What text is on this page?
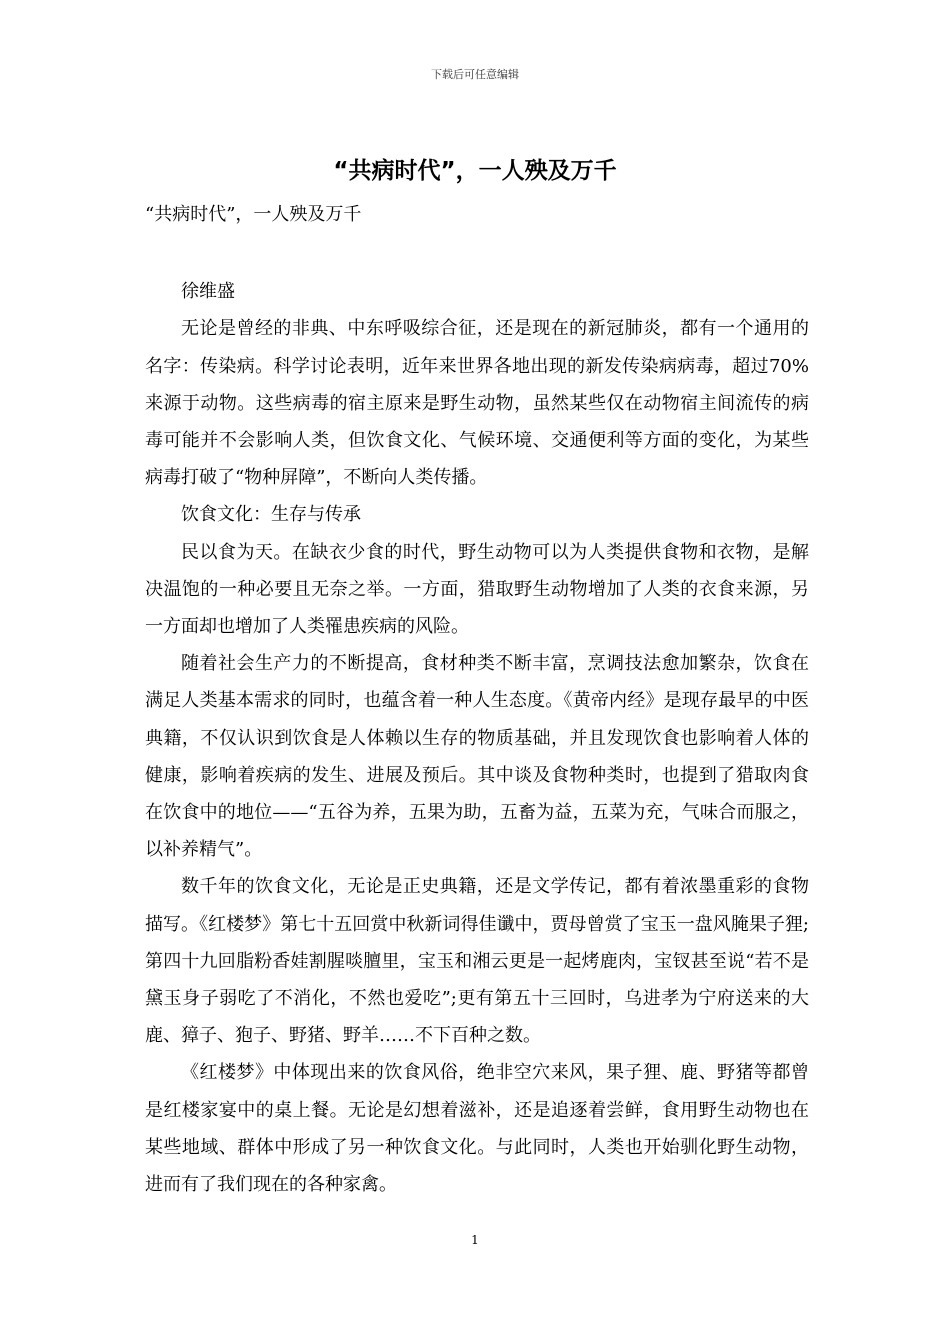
下载后可任意编辑
“共病时代”，一人殃及万千

“共病时代”，一人殃及万千

徐维盛

无论是曾经的非典、中东呼吸综合征，还是现在的新冠肺炎，都有一个通用的名字：传染病。科学讨论表明，近年来世界各地出现的新发传染病病毒，超过70%来源于动物。这些病毒的宿主原来是野生动物，虽然某些仅在动物宿主间流传的病毒可能并不会影响人类，但饮食文化、气候环境、交通便利等方面的变化，为某些病毒打破了“物种屏障”，不断向人类传播。

饮食文化：生存与传承

民以食为天。在缺衣少食的时代，野生动物可以为人类提供食物和衣物，是解决温饱的一种必要且无奈之举。一方面，猎取野生动物增加了人类的衣食来源，另一方面却也增加了人类罹患疾病的风险。

随着社会生产力的不断提高，食材种类不断丰富，烹调技法愈加繁杂，饮食在满足人类基本需求的同时，也蕴含着一种人生态度。《黄帝内经》是现存最早的中医典籍，不仅认识到饮食是人体赖以生存的物质基础，并且发现饮食也影响着人体的健康，影响着疾病的发生、进展及预后。其中谈及食物种类时，也提到了猎取肉食在饮食中的地位——“五谷为养，五果为助，五畜为益，五菜为充，气味合而服之，以补养精气”。

数千年的饮食文化，无论是正史典籍，还是文学传记，都有着浓墨重彩的食物描写。《红楼梦》第七十五回赏中秋新词得佳谶中，贾母曾赏了宝玉一盘风腌果子狸;第四十九回脂粉香娃割腥啖膻里，宝玉和湘云更是一起烤鹿肉，宝钗甚至说“若不是黛玉身子弱吃了不消化，不然也爱吃”;更有第五十三回时，乌进孝为宁府送来的大鹿、獐子、狍子、野猪、野羊……不下百种之数。

《红楼梦》中体现出来的饮食风俗，绝非空穴来风，果子狸、鹿、野猪等都曾是红楼家宴中的桌上餐。无论是幻想着滋补，还是追逐着尝鲜，食用野生动物也在某些地域、群体中形成了另一种饮食文化。与此同时，人类也开始驯化野生动物，进而有了我们现在的各种家禽。

1
